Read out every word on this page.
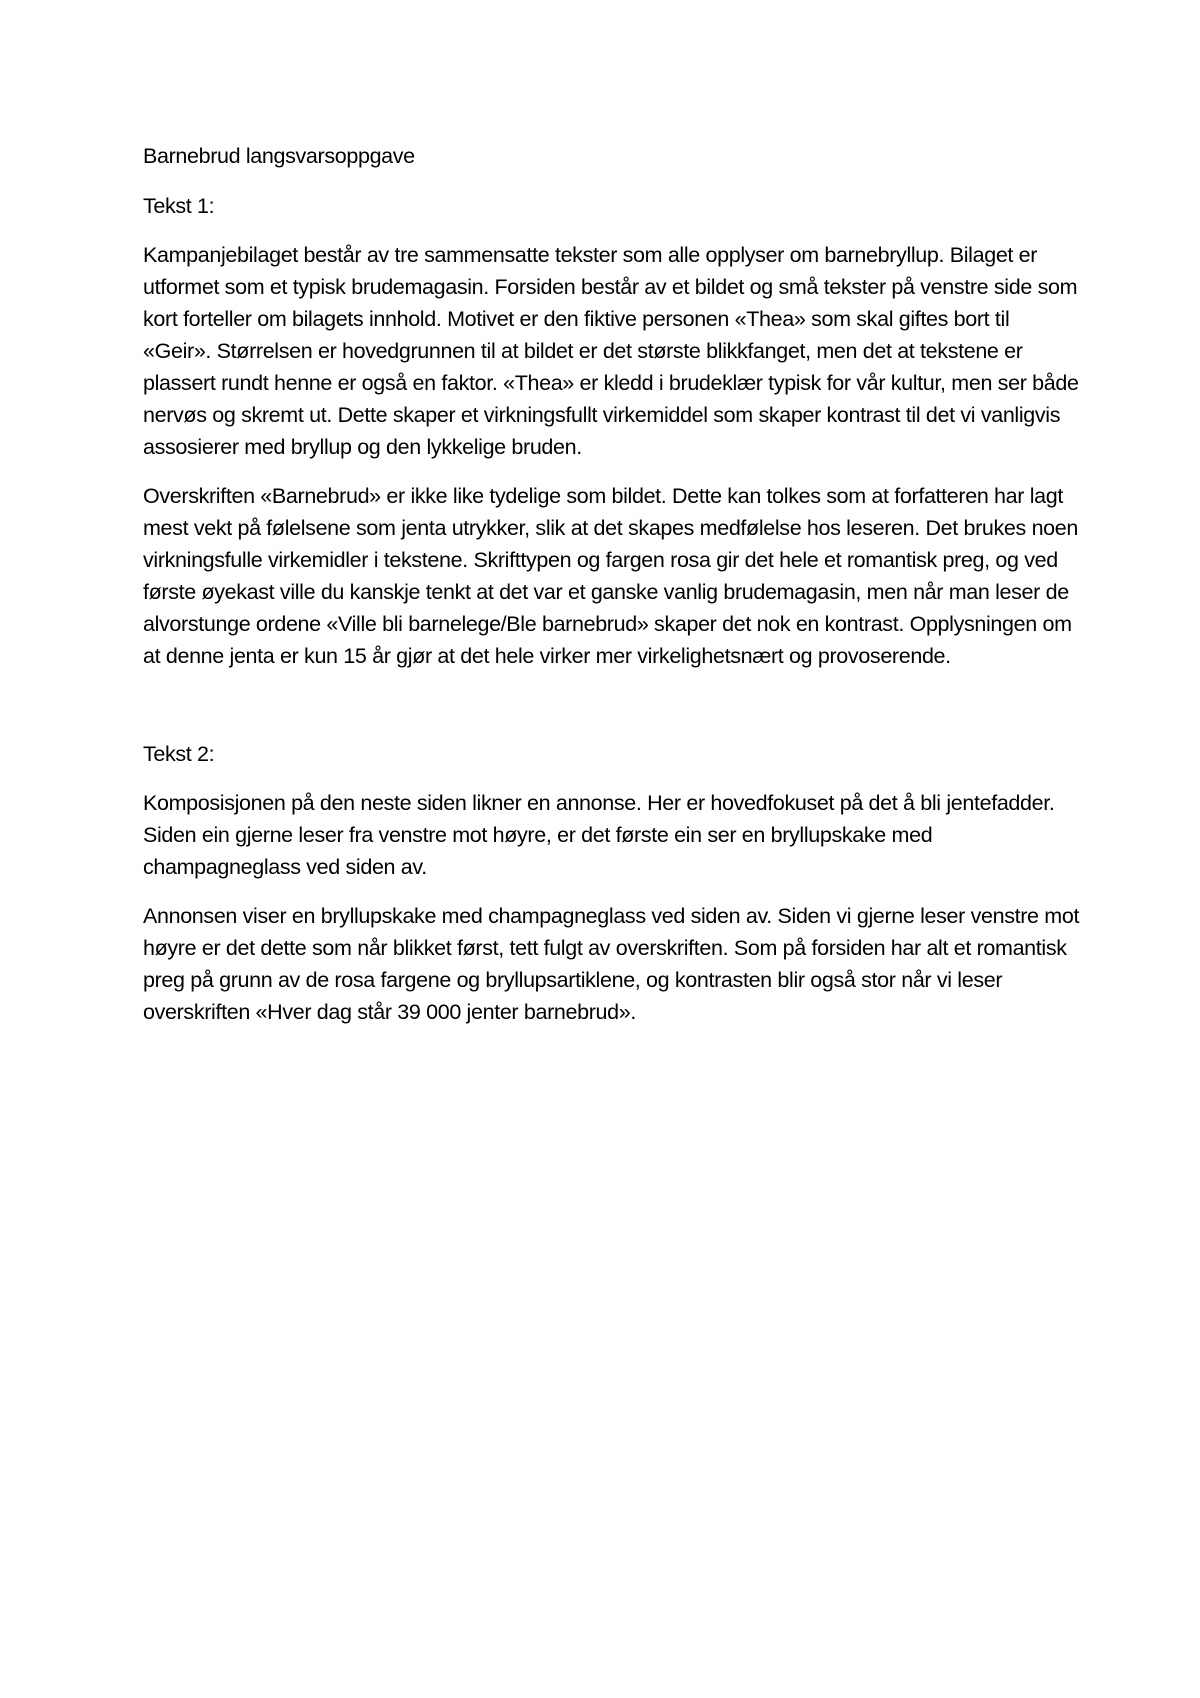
Barnebrud langsvarsoppgave
Tekst 1:

Kampanjebilaget består av tre sammensatte tekster som alle opplyser om barnebryllup. Bilaget er utformet som et typisk brudemagasin. Forsiden består av et bildet og små tekster på venstre side som kort forteller om bilagets innhold. Motivet er den fiktive personen «Thea» som skal giftes bort til «Geir». Størrelsen er hovedgrunnen til at bildet er det største blikkfanget, men det at tekstene er plassert rundt henne er også en faktor. «Thea» er kledd i brudeklær typisk for vår kultur, men ser både nervøs og skremt ut. Dette skaper et virkningsfullt virkemiddel som skaper kontrast til det vi vanligvis assosierer med bryllup og den lykkelige bruden.

Overskriften «Barnebrud» er ikke like tydelige som bildet. Dette kan tolkes som at forfatteren har lagt mest vekt på følelsene som jenta utrykker, slik at det skapes medfølelse hos leseren. Det brukes noen virkningsfulle virkemidler i tekstene. Skrifttypen og fargen rosa gir det hele et romantisk preg, og ved første øyekast ville du kanskje tenkt at det var et ganske vanlig brudemagasin, men når man leser de alvorstunge ordene «Ville bli barnelege/Ble barnebrud» skaper det nok en kontrast. Opplysningen om at denne jenta er kun 15 år gjør at det hele virker mer virkelighetsnært og provoserende.

Tekst 2:

Komposisjonen på den neste siden likner en annonse. Her er hovedfokuset på det å bli jentefadder. Siden ein gjerne leser fra venstre mot høyre, er det første ein ser en bryllupskake med champagneglass ved siden av.

Annonsen viser en bryllupskake med champagneglass ved siden av. Siden vi gjerne leser venstre mot høyre er det dette som når blikket først, tett fulgt av overskriften. Som på forsiden har alt et romantisk preg på grunn av de rosa fargene og bryllupsartiklene, og kontrasten blir også stor når vi leser overskriften «Hver dag står 39 000 jenter barnebrud».
